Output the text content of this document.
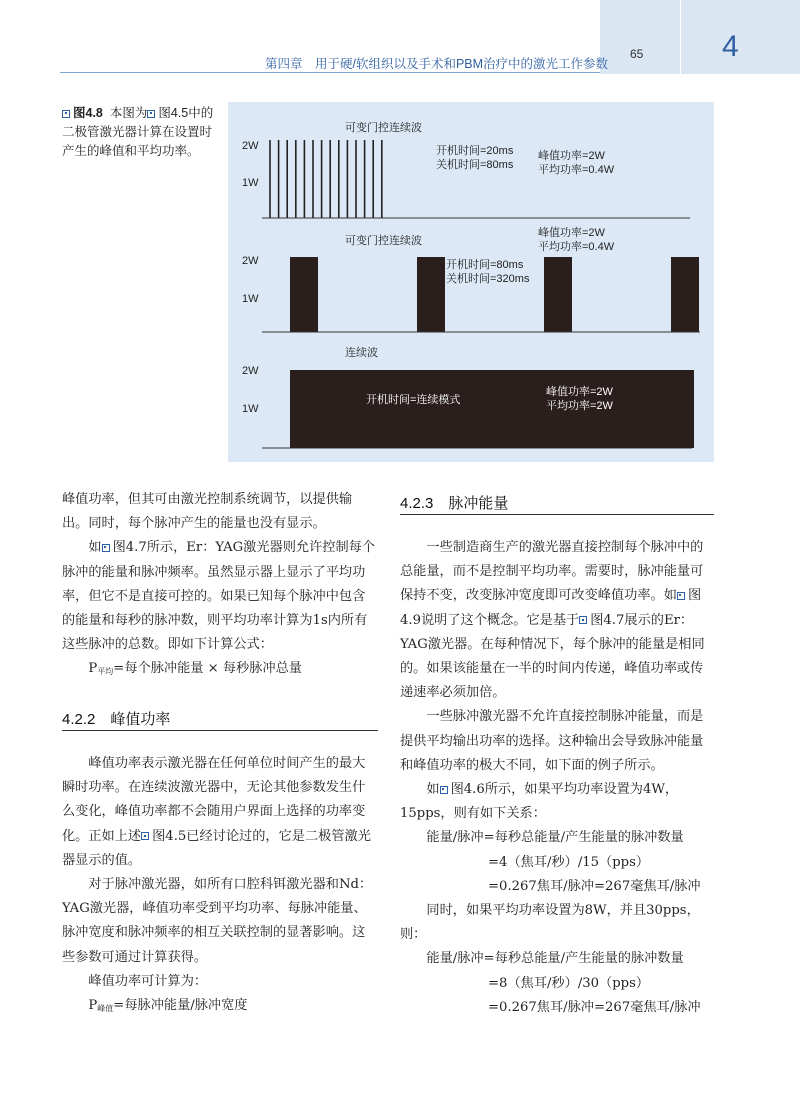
65	4
第四章　用于硬/软组织以及手术和PBM治疗中的激光工作参数
图4.8 本图为 图4.5中的二极管激光器计算在设置时产生的峰值和平均功率。
可变门控连续波
2W
1W
开机时间=20ms
关机时间=80ms
峰值功率=2W
平均功率=0.4W
峰值功率=2W
平均功率=0.4W
可变门控连续波
2W
1W
开机时间=80ms
关机时间=320ms
连续波
2W
1W
开机时间=连续模式
峰值功率=2W
平均功率=2W

峰值功率，但其可由激光控制系统调节，以提供输出。同时，每个脉冲产生的能量也没有显示。

如 图4.7所示，Er：YAG激光器则允许控制每个脉冲的能量和脉冲频率。虽然显示器上显示了平均功率，但它不是直接可控的。如果已知每个脉冲中包含的能量和每秒的脉冲数，则平均功率计算为1s内所有这些脉冲的总数。即如下计算公式：

$P_{平均}=$每个脉冲能量 × 每秒脉冲总量

4.2.2　峰值功率

峰值功率表示激光器在任何单位时间产生的最大瞬时功率。在连续波激光器中，无论其他参数发生什么变化，峰值功率都不会随用户界面上选择的功率变化。正如上述 图4.5已经讨论过的，它是二极管激光器显示的值。

对于脉冲激光器，如所有口腔科铒激光器和Nd：YAG激光器，峰值功率受到平均功率、每脉冲能量、脉冲宽度和脉冲频率的相互关联控制的显著影响。这些参数可通过计算获得。

峰值功率可计算为：

$P_{峰值}=$每脉冲能量/脉冲宽度

4.2.3　脉冲能量

一些制造商生产的激光器直接控制每个脉冲中的总能量，而不是控制平均功率。需要时，脉冲能量可保持不变，改变脉冲宽度即可改变峰值功率。如 图4.9说明了这个概念。它是基于 图4.7展示的Er：YAG激光器。在每种情况下，每个脉冲的能量是相同的。如果该能量在一半的时间内传递，峰值功率或传递速率必须加倍。

一些脉冲激光器不允许直接控制脉冲能量，而是提供平均输出功率的选择。这种输出会导致脉冲能量和峰值功率的极大不同，如下面的例子所示。

如 图4.6所示，如果平均功率设置为4W，15pps，则有如下关系：

能量/脉冲=每秒总能量/产生能量的脉冲数量

=4（焦耳/秒）/15（pps）

=0.267焦耳/脉冲=267毫焦耳/脉冲

同时，如果平均功率设置为8W，并且30pps，则：

能量/脉冲=每秒总能量/产生能量的脉冲数量

=8（焦耳/秒）/30（pps）

=0.267焦耳/脉冲=267毫焦耳/脉冲
